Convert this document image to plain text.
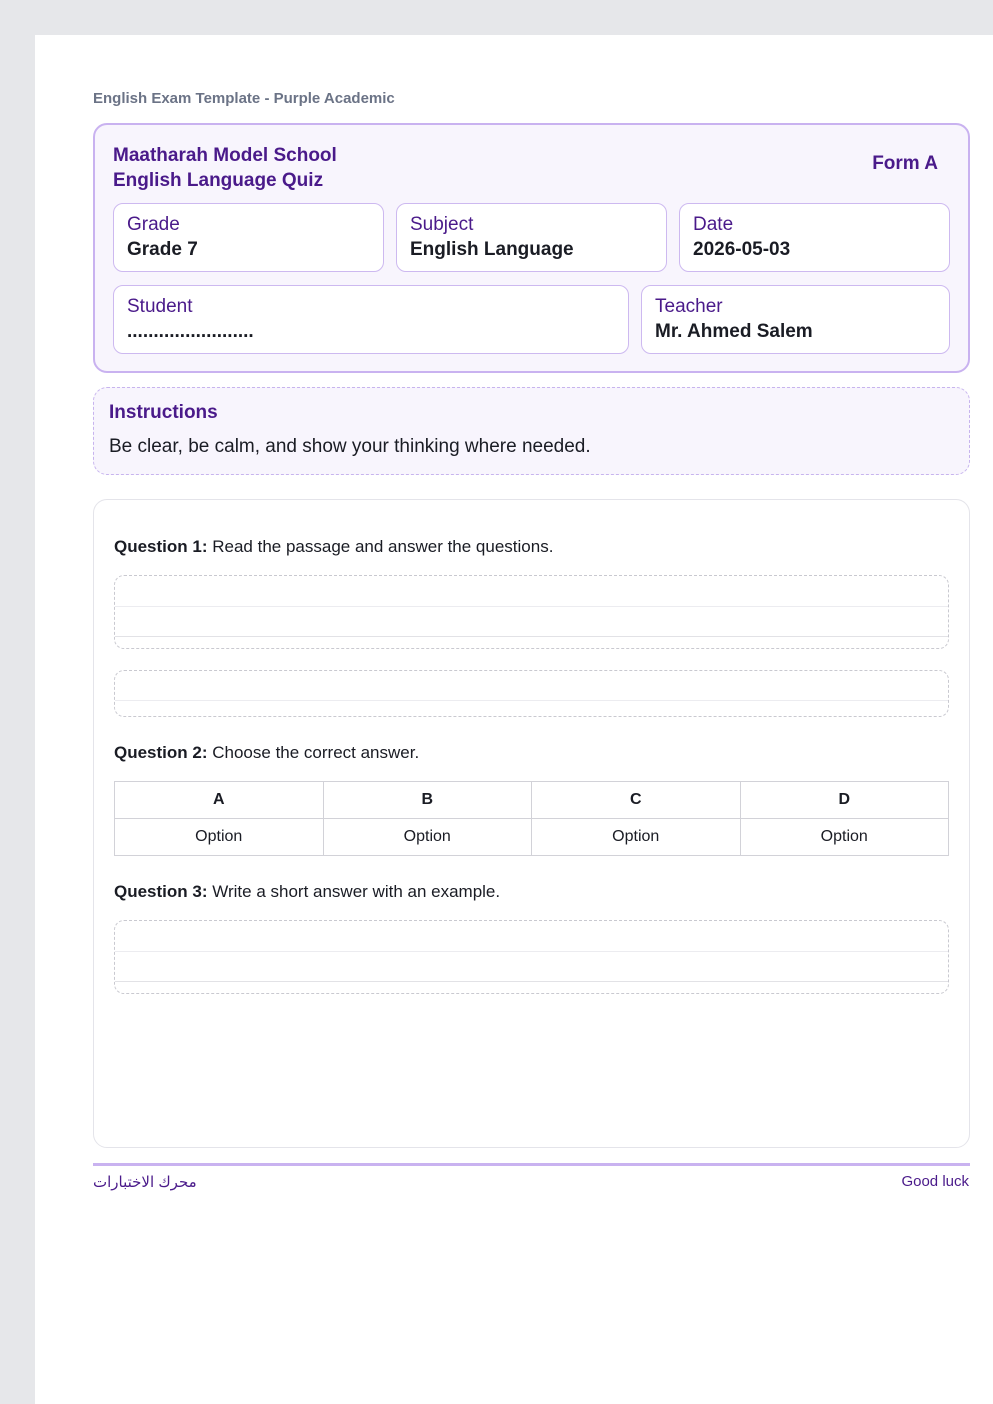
English Exam Template - Purple Academic
Maatharah Model School
English Language Quiz
Form A
Grade
Grade 7
Subject
English Language
Date
2026-05-03
Student
........................
Teacher
Mr. Ahmed Salem
Instructions
Be clear, be calm, and show your thinking where needed.
Question 1: Read the passage and answer the questions.
Question 2: Choose the correct answer.
A	B	C	D
Option	Option	Option	Option
Question 3: Write a short answer with an example.
محرك الاختبارات	Good luck
